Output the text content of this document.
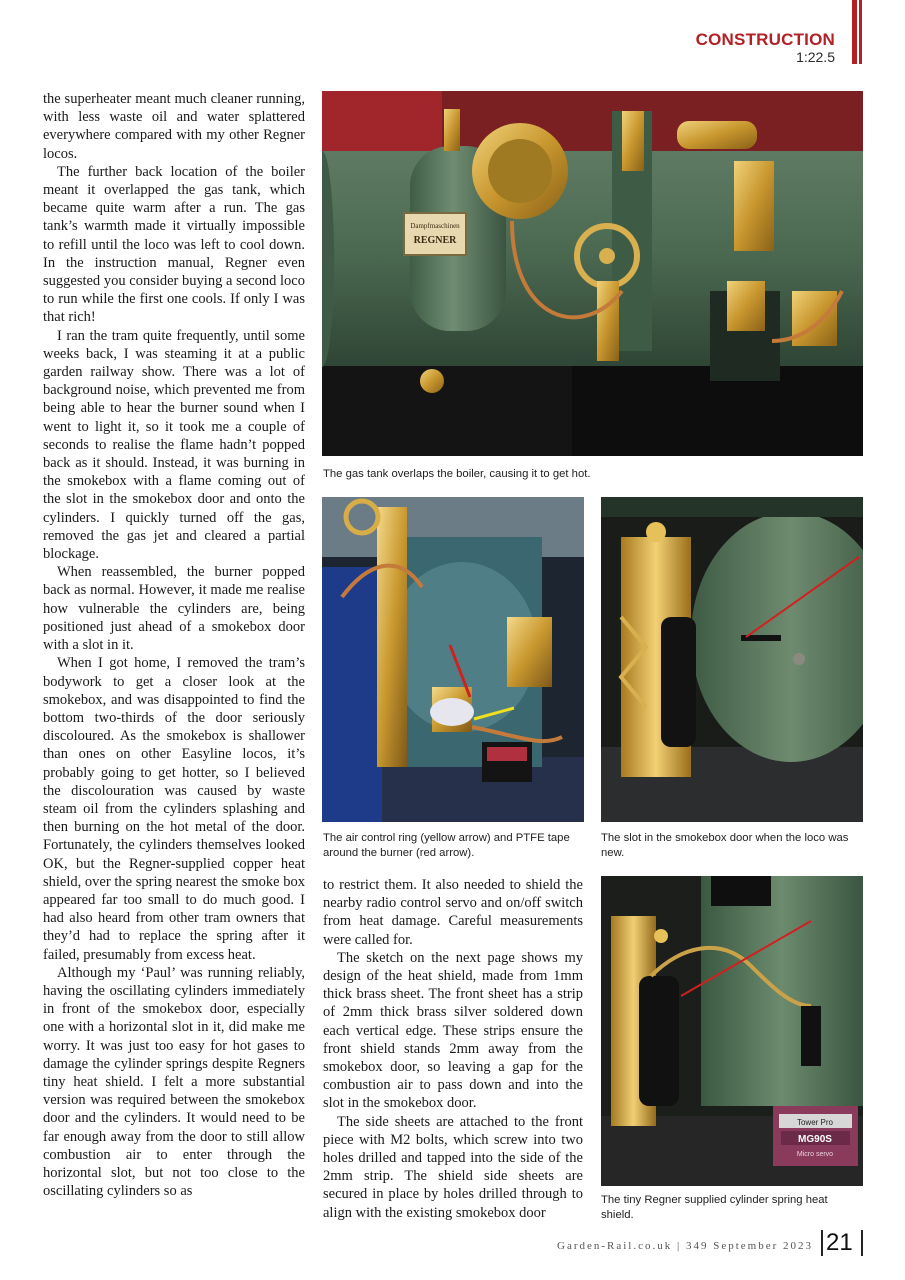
CONSTRUCTION
1:22.5

the superheater meant much cleaner running, with less waste oil and water splattered everywhere compared with my other Regner locos.

The further back location of the boiler meant it overlapped the gas tank, which became quite warm after a run. The gas tank’s warmth made it virtually impossible to refill until the loco was left to cool down. In the instruction manual, Regner even suggested you consider buying a second loco to run while the first one cools. If only I was that rich!

I ran the tram quite frequently, until some weeks back, I was steaming it at a public garden railway show. There was a lot of background noise, which prevented me from being able to hear the burner sound when I went to light it, so it took me a couple of seconds to realise the flame hadn’t popped back as it should. Instead, it was burning in the smokebox with a flame coming out of the slot in the smokebox door and onto the cylinders. I quickly turned off the gas, removed the gas jet and cleared a partial blockage.

When reassembled, the burner popped back as normal. However, it made me realise how vulnerable the cylinders are, being positioned just ahead of a smokebox door with a slot in it.

When I got home, I removed the tram’s bodywork to get a closer look at the smokebox, and was disappointed to find the bottom two-thirds of the door seriously discoloured. As the smokebox is shallower than ones on other Easyline locos, it’s probably going to get hotter, so I believed the discolouration was caused by waste steam oil from the cylinders splashing and then burning on the hot metal of the door. Fortunately, the cylinders themselves looked OK, but the Regner-supplied copper heat shield, over the spring nearest the smoke box appeared far too small to do much good. I had also heard from other tram owners that they’d had to replace the spring after it failed, presumably from excess heat.

Although my ‘Paul’ was running reliably, having the oscillating cylinders immediately in front of the smokebox door, especially one with a horizontal slot in it, did make me worry. It was just too easy for hot gases to damage the cylinder springs despite Regners tiny heat shield. I felt a more substantial version was required between the smokebox door and the cylinders. It would need to be far enough away from the door to still allow combustion air to enter through the horizontal slot, but not too close to the oscillating cylinders so as

to restrict them. It also needed to shield the nearby radio control servo and on/off switch from heat damage. Careful measurements were called for.

The sketch on the next page shows my design of the heat shield, made from 1mm thick brass sheet. The front sheet has a strip of 2mm thick brass silver soldered down each vertical edge. These strips ensure the front shield stands 2mm away from the smokebox door, so leaving a gap for the combustion air to pass down and into the slot in the smokebox door.

The side sheets are attached to the front piece with M2 bolts, which screw into two holes drilled and tapped into the side of the 2mm strip. The shield side sheets are secured in place by holes drilled through to align with the existing smokebox door

Dampfmaschinen
REGNER
The gas tank overlaps the boiler, causing it to get hot.
The air control ring (yellow arrow) and PTFE tape around the burner (red arrow).
The slot in the smokebox door when the loco was new.
Tower Pro
MG90S
Micro servo
The tiny Regner supplied cylinder spring heat shield.
Garden-Rail.co.uk | 349 September 2023 21
